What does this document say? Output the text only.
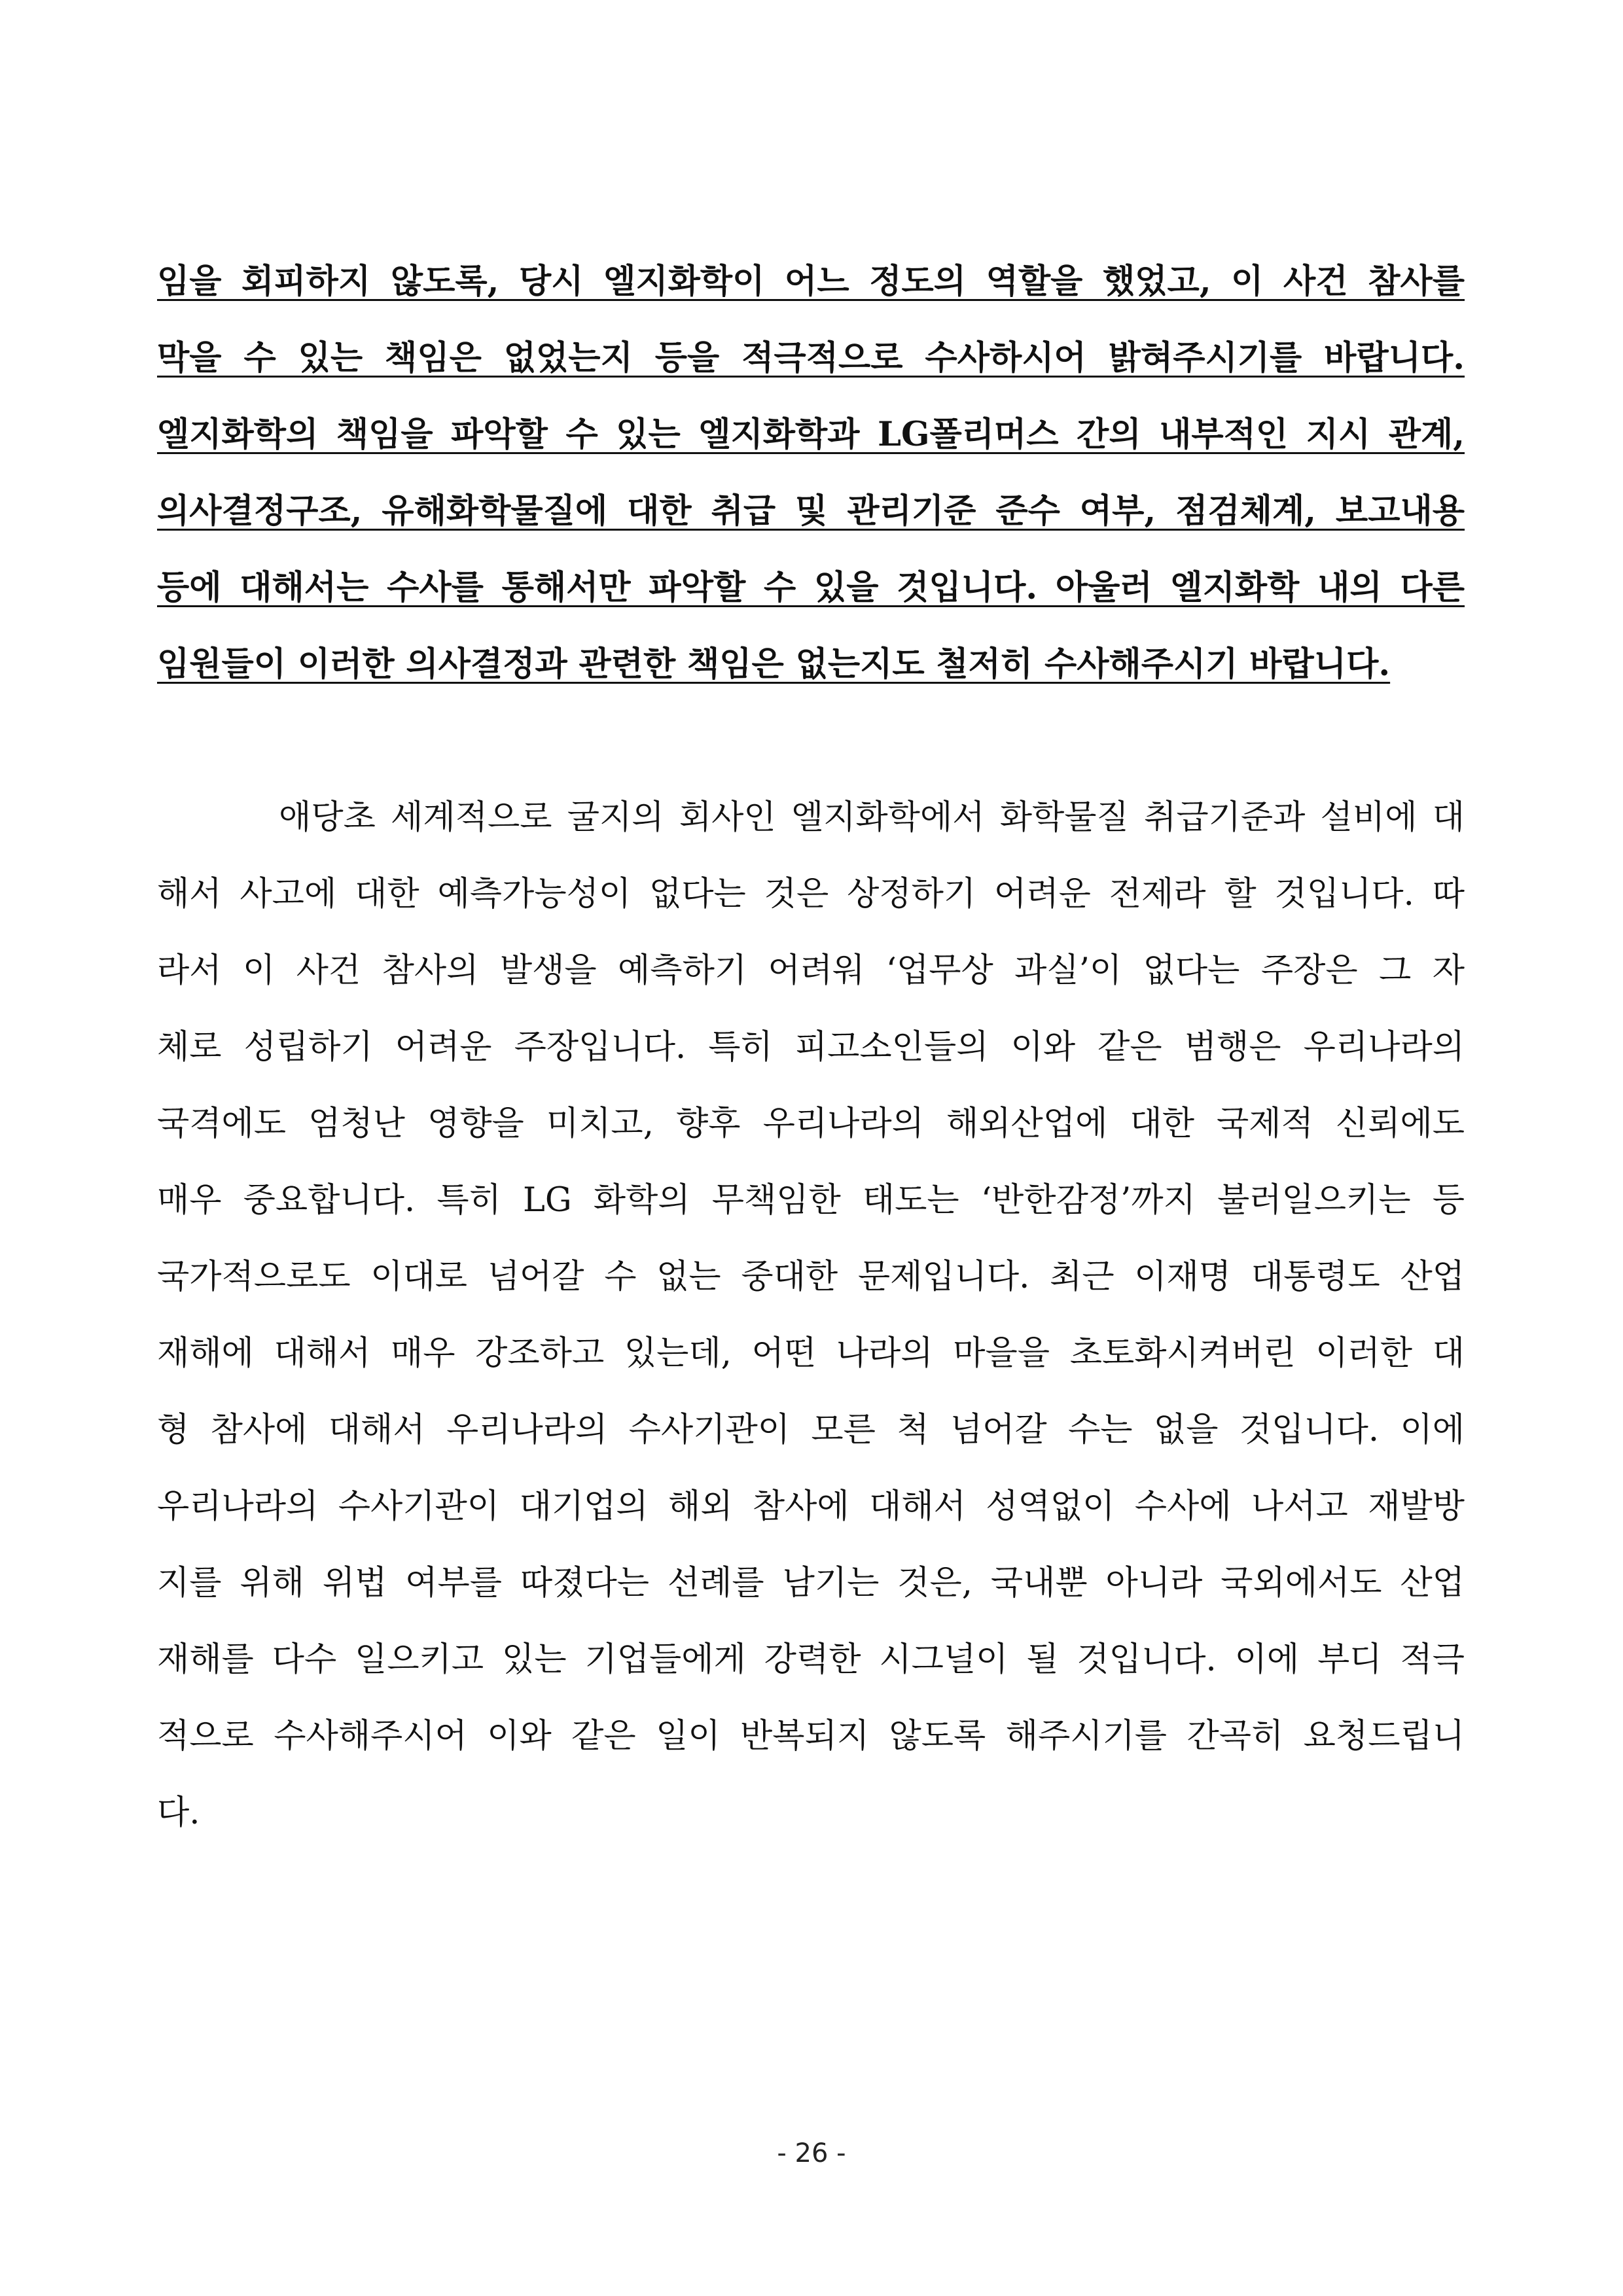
임을 회피하지 않도록, 당시 엘지화학이 어느 정도의 역할을 했었고, 이 사건 참사를
막을 수 있는 책임은 없었는지 등을 적극적으로 수사하시어 밝혀주시기를 바랍니다.
엘지화학의 책임을 파악할 수 있는 엘지화학과 LG폴리머스 간의 내부적인 지시 관계,
의사결정구조, 유해화학물질에 대한 취급 및 관리기준 준수 여부, 점검체계, 보고내용
등에 대해서는 수사를 통해서만 파악할 수 있을 것입니다. 아울러 엘지화학 내의 다른
임원들이 이러한 의사결정과 관련한 책임은 없는지도 철저히 수사해주시기 바랍니다.
애당초 세계적으로 굴지의 회사인 엘지화학에서 화학물질 취급기준과 설비에 대
해서 사고에 대한 예측가능성이 없다는 것은 상정하기 어려운 전제라 할 것입니다. 따
라서 이 사건 참사의 발생을 예측하기 어려워 ‘업무상 과실’이 없다는 주장은 그 자
체로 성립하기 어려운 주장입니다. 특히 피고소인들의 이와 같은 범행은 우리나라의
국격에도 엄청난 영향을 미치고, 향후 우리나라의 해외산업에 대한 국제적 신뢰에도
매우 중요합니다. 특히 LG 화학의 무책임한 태도는 ‘반한감정’까지 불러일으키는 등
국가적으로도 이대로 넘어갈 수 없는 중대한 문제입니다. 최근 이재명 대통령도 산업
재해에 대해서 매우 강조하고 있는데, 어떤 나라의 마을을 초토화시켜버린 이러한 대
형 참사에 대해서 우리나라의 수사기관이 모른 척 넘어갈 수는 없을 것입니다. 이에
우리나라의 수사기관이 대기업의 해외 참사에 대해서 성역없이 수사에 나서고 재발방
지를 위해 위법 여부를 따졌다는 선례를 남기는 것은, 국내뿐 아니라 국외에서도 산업
재해를 다수 일으키고 있는 기업들에게 강력한 시그널이 될 것입니다. 이에 부디 적극
적으로 수사해주시어 이와 같은 일이 반복되지 않도록 해주시기를 간곡히 요청드립니
다.
- 26 -
